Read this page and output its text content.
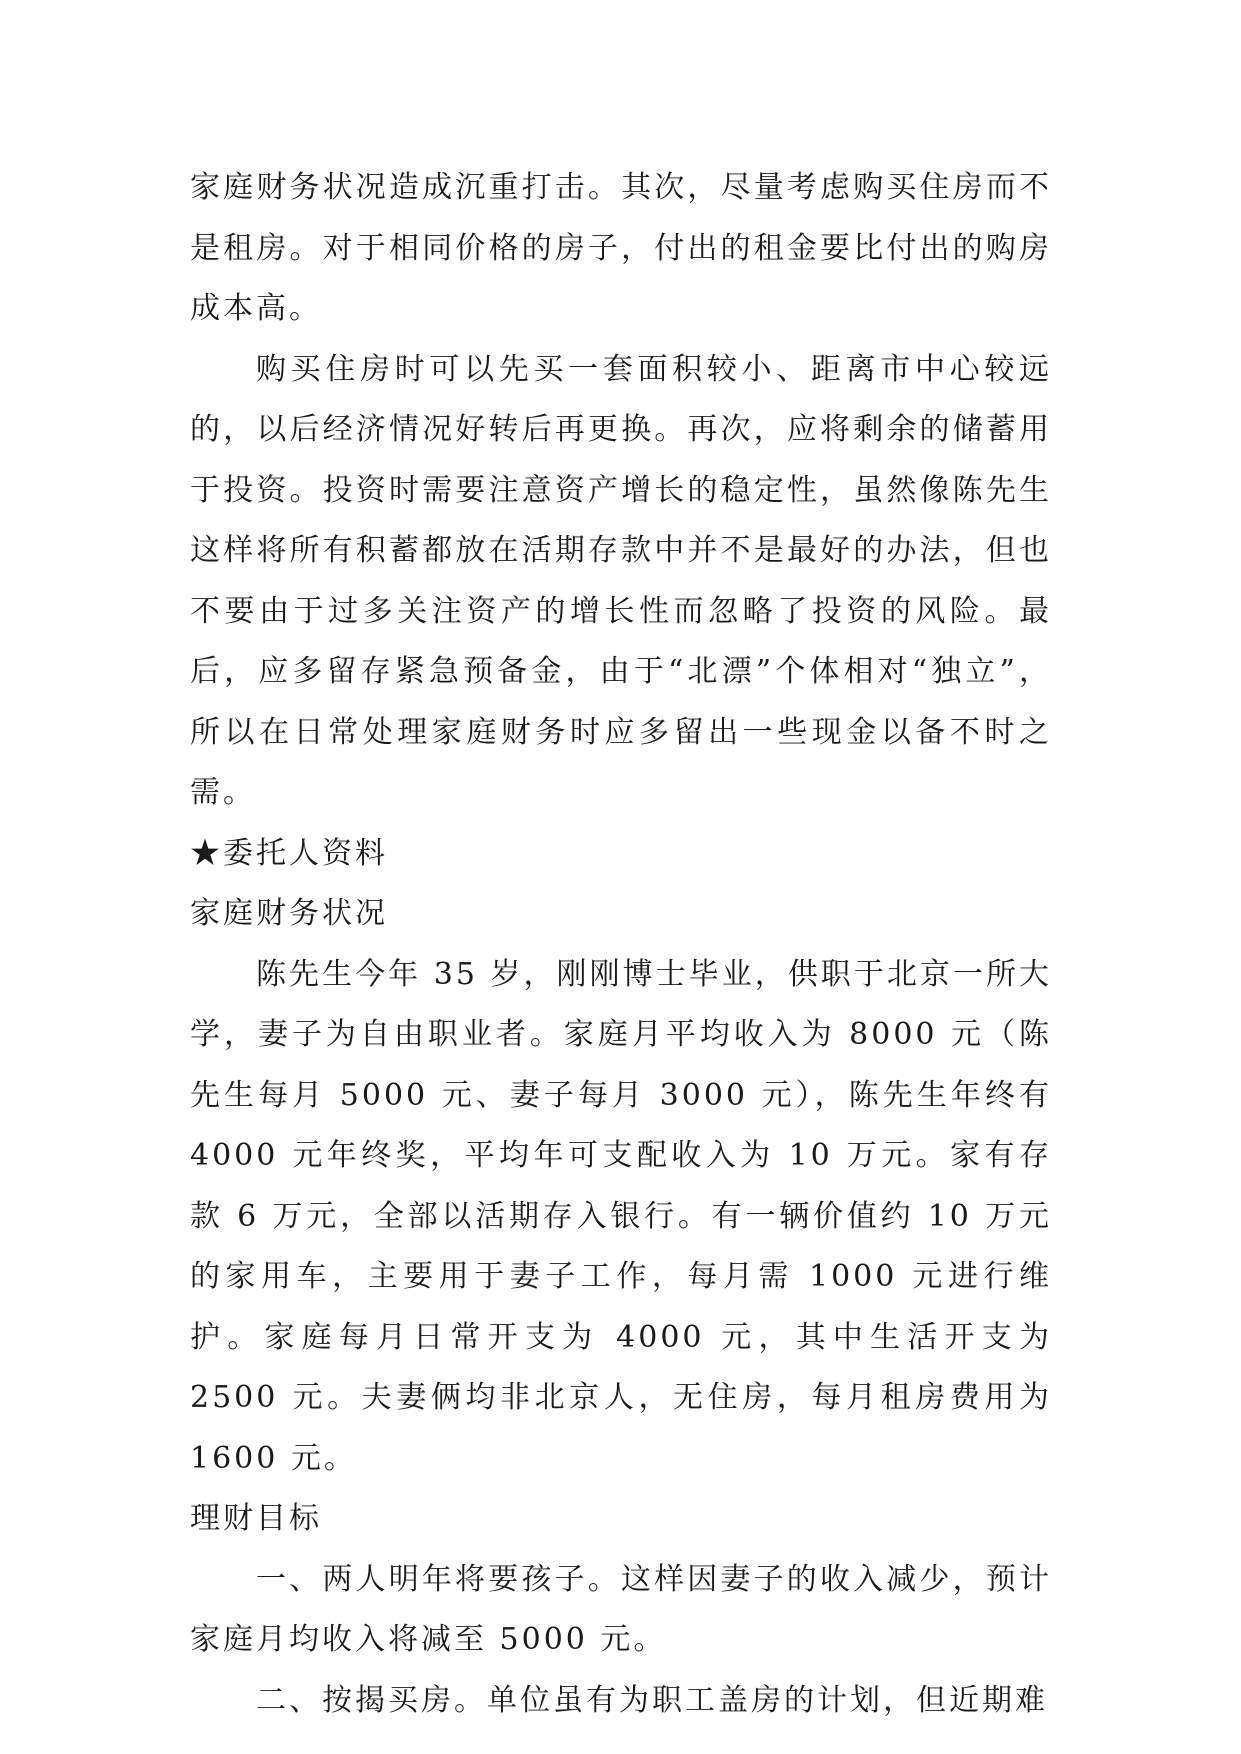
家庭财务状况造成沉重打击。其次，尽量考虑购买住房而不是租房。对于相同价格的房子，付出的租金要比付出的购房成本高。

购买住房时可以先买一套面积较小、距离市中心较远的，以后经济情况好转后再更换。再次，应将剩余的储蓄用于投资。投资时需要注意资产增长的稳定性，虽然像陈先生这样将所有积蓄都放在活期存款中并不是最好的办法，但也不要由于过多关注资产的增长性而忽略了投资的风险。最后，应多留存紧急预备金，由于“北漂”个体相对“独立”，所以在日常处理家庭财务时应多留出一些现金以备不时之需。

★委托人资料

家庭财务状况

陈先生今年 35 岁，刚刚博士毕业，供职于北京一所大学，妻子为自由职业者。家庭月平均收入为 8000 元（陈先生每月 5000 元、妻子每月 3000 元），陈先生年终有 4000 元年终奖，平均年可支配收入为 10 万元。家有存款 6 万元，全部以活期存入银行。有一辆价值约 10 万元的家用车，主要用于妻子工作，每月需 1000 元进行维护。家庭每月日常开支为 4000 元，其中生活开支为 2500 元。夫妻俩均非北京人，无住房，每月租房费用为 1600 元。

理财目标

一、两人明年将要孩子。这样因妻子的收入减少，预计家庭月均收入将减至 5000 元。

二、按揭买房。单位虽有为职工盖房的计划，但近期难
